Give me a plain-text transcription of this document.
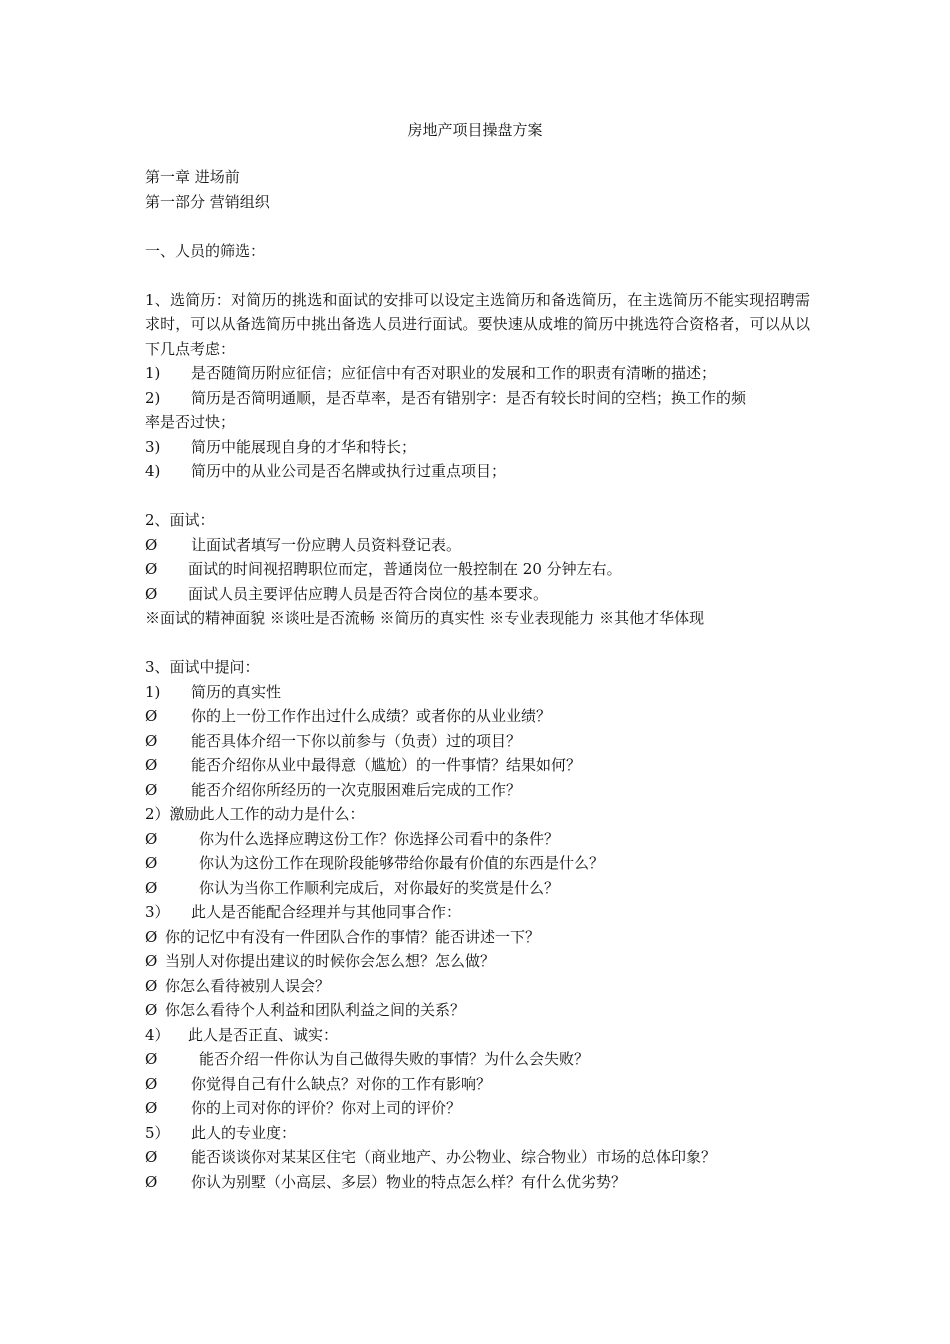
房地产项目操盘方案

第一章 进场前

第一部分 营销组织

一、人员的筛选：

1、选简历：对简历的挑选和面试的安排可以设定主选简历和备选简历，在主选简历不能实现招聘需求时，可以从备选简历中挑出备选人员进行面试。要快速从成堆的简历中挑选符合资格者，可以从以下几点考虑：

1)	是否随简历附应征信；应征信中有否对职业的发展和工作的职责有清晰的描述；
2)	简历是否简明通顺，是否草率，是否有错别字：是否有较长时间的空档；换工作的频

率是否过快；

3)	简历中能展现自身的才华和特长；
4)	简历中的从业公司是否名牌或执行过重点项目；

2、面试：

Ø	让面试者填写一份应聘人员资料登记表。
Ø	面试的时间视招聘职位而定，普通岗位一般控制在 20 分钟左右。
Ø	面试人员主要评估应聘人员是否符合岗位的基本要求。

※面试的精神面貌 ※谈吐是否流畅 ※简历的真实性 ※专业表现能力 ※其他才华体现

3、面试中提问：

1)	简历的真实性
Ø	你的上一份工作作出过什么成绩？或者你的从业业绩？
Ø	能否具体介绍一下你以前参与（负责）过的项目？
Ø	能否介绍你从业中最得意（尴尬）的一件事情？结果如何？
Ø	能否介绍你所经历的一次克服困难后完成的工作？

2）激励此人工作的动力是什么：

Ø	你为什么选择应聘这份工作？你选择公司看中的条件？
Ø	你认为这份工作在现阶段能够带给你最有价值的东西是什么？
Ø	你认为当你工作顺利完成后，对你最好的奖赏是什么？
3）	此人是否能配合经理并与其他同事合作：
Ø 你的记忆中有没有一件团队合作的事情？能否讲述一下？
Ø 当别人对你提出建议的时候你会怎么想？怎么做？
Ø 你怎么看待被别人误会？
Ø 你怎么看待个人利益和团队利益之间的关系？
4）	此人是否正直、诚实：
Ø	能否介绍一件你认为自己做得失败的事情？为什么会失败？
Ø	你觉得自己有什么缺点？对你的工作有影响？
Ø	你的上司对你的评价？你对上司的评价？
5）	此人的专业度：
Ø	能否谈谈你对某某区住宅（商业地产、办公物业、综合物业）市场的总体印象？
Ø	你认为别墅（小高层、多层）物业的特点怎么样？有什么优劣势？
